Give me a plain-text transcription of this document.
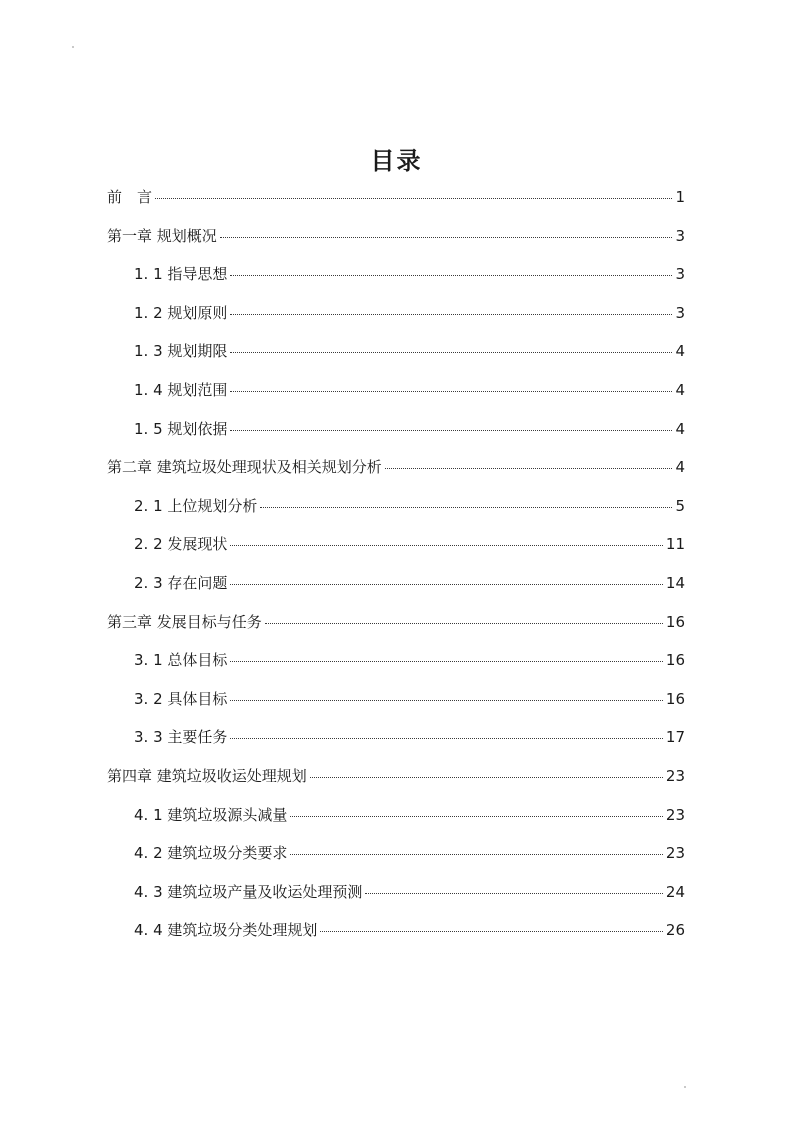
目录
前　言	1
第一章 规划概况	3
1. 1 指导思想	3
1. 2 规划原则	3
1. 3 规划期限	4
1. 4 规划范围	4
1. 5 规划依据	4
第二章 建筑垃圾处理现状及相关规划分析	4
2. 1 上位规划分析	5
2. 2 发展现状	11
2. 3 存在问题	14
第三章 发展目标与任务	16
3. 1 总体目标	16
3. 2 具体目标	16
3. 3 主要任务	17
第四章 建筑垃圾收运处理规划	23
4. 1 建筑垃圾源头减量	23
4. 2 建筑垃圾分类要求	23
4. 3 建筑垃圾产量及收运处理预测	24
4. 4 建筑垃圾分类处理规划	26
